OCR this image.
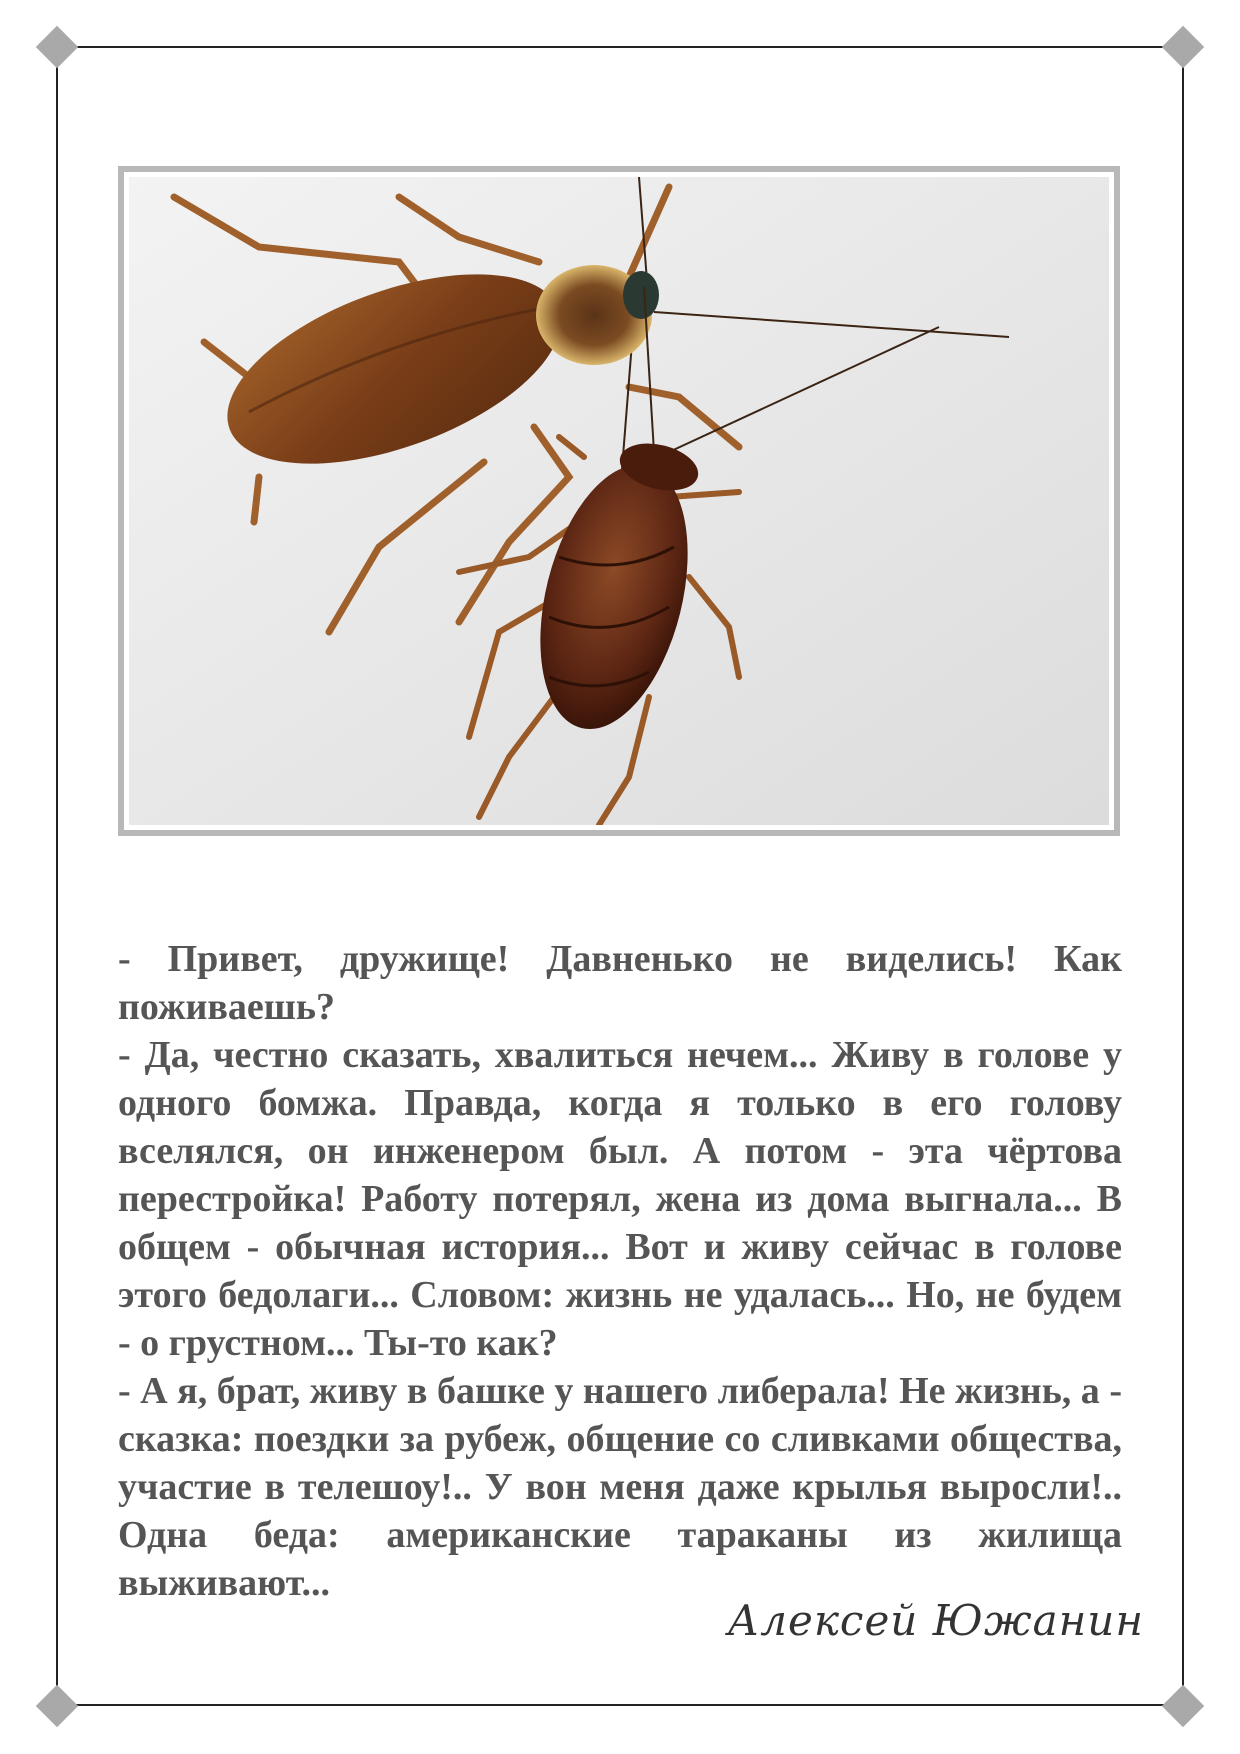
- Привет, дружище! Давненько не виделись! Как поживаешь?

- Да, честно сказать, хвалиться нечем... Живу в голове у одного бомжа. Правда, когда я только в его голову вселялся, он инженером был. А потом - эта чёртова перестройка! Работу потерял, жена из дома выгнала... В общем - обычная история... Вот и живу сейчас в голове этого бедолаги... Словом: жизнь не удалась... Но, не будем - о грустном... Ты-то как?

- А я, брат, живу в башке у нашего либерала! Не жизнь, а - сказка: поездки за рубеж, общение со сливками общества, участие в телешоу!.. У вон меня даже крылья выросли!.. Одна беда: американские тараканы из жилища выживают...

Алексей Южанин
